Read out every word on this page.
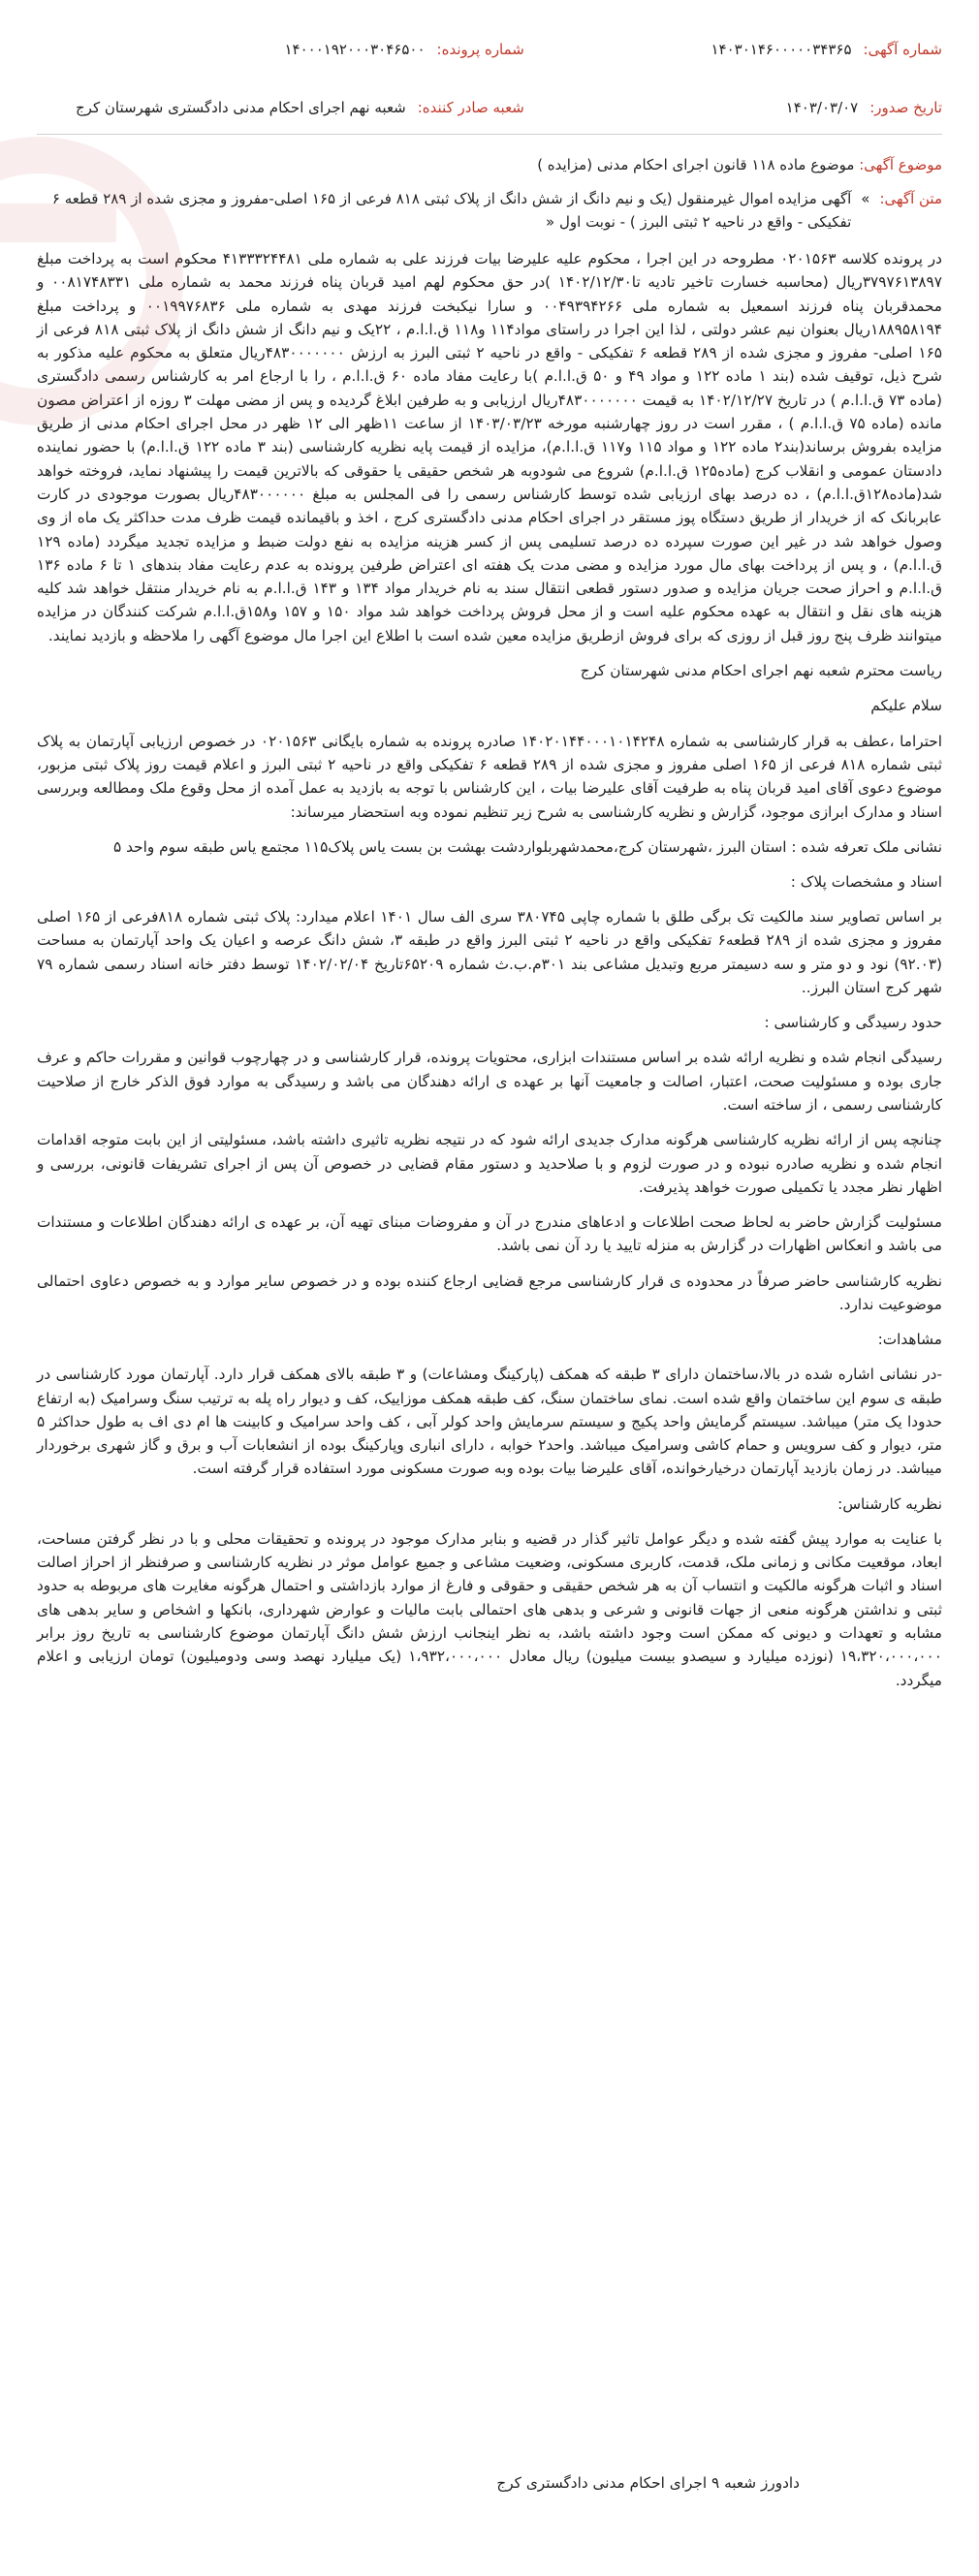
شماره آگهی:
۱۴۰۳۰۱۴۶۰۰۰۰۰۳۴۳۶۵
تاریخ صدور:
۱۴۰۳/۰۳/۰۷
شماره پرونده:
۱۴۰۰۰۱۹۲۰۰۰۳۰۴۶۵۰۰
شعبه صادر کننده:
شعبه نهم اجرای احکام مدنی دادگستری شهرستان کرج
موضوع آگهی: موضوع ماده ۱۱۸ قانون اجرای احکام مدنی (مزایده )
متن آگهی:
»
آگهی مزایده اموال غیرمنقول (یک و نیم دانگ از شش دانگ از پلاک ثبتی ۸۱۸ فرعی از ۱۶۵ اصلی-مفروز و مجزی شده از ۲۸۹ قطعه ۶ تفکیکی - واقع در ناحیه ۲ ثبتی البرز ) - نوبت اول «

در پرونده کلاسه ۰۲۰۱۵۶۳ مطروحه در این اجرا ، محکوم علیه علیرضا بیات فرزند علی به شماره ملی ۴۱۳۳۳۲۴۴۸۱ محکوم است به پرداخت مبلغ ۳۷۹۷۶۱۳۸۹۷ریال (محاسبه خسارت تاخیر تادیه تا۱۴۰۲/۱۲/۳۰ )در حق محکوم لهم امید قربان پناه فرزند محمد به شماره ملی ۰۰۸۱۷۴۸۳۳۱ و محمدقربان پناه فرزند اسمعیل به شماره ملی ۰۰۴۹۳۹۴۲۶۶ و سارا نیکبخت فرزند مهدی به شماره ملی ۰۰۱۹۹۷۶۸۳۶ و پرداخت مبلغ ۱۸۸۹۵۸۱۹۴ریال بعنوان نیم عشر دولتی ، لذا این اجرا در راستای مواد۱۱۴ و۱۱۸ ق.ا.ا.م ، ۲۲یک و نیم دانگ از شش دانگ از پلاک ثبتی ۸۱۸ فرعی از ۱۶۵ اصلی- مفروز و مجزی شده از ۲۸۹ قطعه ۶ تفکیکی - واقع در ناحیه ۲ ثبتی البرز به ارزش ۴۸۳۰۰۰۰۰۰۰ریال متعلق به محکوم علیه مذکور به شرح ذیل، توقیف شده (بند ۱ ماده ۱۲۲ و مواد ۴۹ و ۵۰ ق.ا.ا.م )با رعایت مفاد ماده ۶۰ ق.ا.ا.م ، را با ارجاع امر به کارشناس رسمی دادگستری (ماده ۷۳ ق.ا.ا.م ) در تاریخ ۱۴۰۲/۱۲/۲۷ به قیمت ۴۸۳۰۰۰۰۰۰۰ریال ارزیابی و به طرفین ابلاغ گردیده و پس از مضی مهلت ۳ روزه از اعتراض مصون مانده (ماده ۷۵ ق.ا.ا.م ) ، مقرر است در روز چهارشنبه مورخه ۱۴۰۳/۰۳/۲۳ از ساعت ۱۱ظهر الی ۱۲ ظهر در محل اجرای احکام مدنی از طریق مزایده بفروش برساند(بند۲ ماده ۱۲۲ و مواد ۱۱۵ و۱۱۷ ق.ا.ا.م)، مزایده از قیمت پایه نظریه کارشناسی (بند ۳ ماده ۱۲۲ ق.ا.ا.م) با حضور نماینده دادستان عمومی و انقلاب کرج (ماده۱۲۵ ق.ا.ا.م) شروع می شودوبه هر شخص حقیقی یا حقوقی که بالاترین قیمت را پیشنهاد نماید، فروخته خواهد شد(ماده۱۲۸ق.ا.ا.م) ، ده درصد بهای ارزیابی شده توسط کارشناس رسمی را فی المجلس به مبلغ ۴۸۳۰۰۰۰۰۰ریال بصورت موجودی در کارت عابربانک که از خریدار از طریق دستگاه پوز مستقر در اجرای احکام مدنی دادگستری کرج ، اخذ و باقیمانده قیمت ظرف مدت حداکثر یک ماه از وی وصول خواهد شد در غیر این صورت سپرده ده درصد تسلیمی پس از کسر هزینه مزایده به نفع دولت ضبط و مزایده تجدید میگردد (ماده ۱۲۹ ق.ا.ا.م) ، و پس از پرداخت بهای مال مورد مزایده و مضی مدت یک هفته ای اعتراض طرفین پرونده به عدم رعایت مفاد بندهای ۱ تا ۶ ماده ۱۳۶ ق.ا.ا.م و احراز صحت جریان مزایده و صدور دستور قطعی انتقال سند به نام خریدار مواد ۱۳۴ و ۱۴۳ ق.ا.ا.م به نام خریدار منتقل خواهد شد کلیه هزینه های نقل و انتقال به عهده محکوم علیه است و از محل فروش پرداخت خواهد شد مواد ۱۵۰ و ۱۵۷ و۱۵۸ق.ا.ا.م شرکت کنندگان در مزایده میتوانند ظرف پنج روز قبل از روزی که برای فروش ازطریق مزایده معین شده است با اطلاع این اجرا مال موضوع آگهی را ملاحظه و بازدید نمایند.

ریاست محترم شعبه نهم اجرای احکام مدنی شهرستان کرج

سلام علیکم

احتراما ،عطف به قرار کارشناسی به شماره ۱۴۰۲۰۱۴۴۰۰۰۱۰۱۴۲۴۸ صادره پرونده به شماره بایگانی ۰۲۰۱۵۶۳ در خصوص ارزیابی آپارتمان به پلاک ثبتی شماره ۸۱۸ فرعی از ۱۶۵ اصلی مفروز و مجزی شده از ۲۸۹ قطعه ۶ تفکیکی واقع در ناحیه ۲ ثبتی البرز و اعلام قیمت روز پلاک ثبتی مزبور، موضوع دعوی آقای امید قربان پناه به طرفیت آقای علیرضا بیات ، این کارشناس با توجه به بازدید به عمل آمده از محل وقوع ملک ومطالعه وبررسی اسناد و مدارک ابرازی موجود، گزارش و نظریه کارشناسی به شرح زیر تنظیم نموده وبه استحضار میرساند:

نشانی ملک تعرفه شده : استان البرز ،شهرستان کرج،محمدشهربلواردشت بهشت بن بست یاس پلاک۱۱۵ مجتمع یاس طبقه سوم واحد ۵

اسناد و مشخصات پلاک :

بر اساس تصاویر سند مالکیت تک برگی طلق با شماره چاپی ۳۸۰۷۴۵ سری الف سال ۱۴۰۱ اعلام میدارد: پلاک ثبتی شماره ۸۱۸فرعی از ۱۶۵ اصلی مفروز و مجزی شده از ۲۸۹ قطعه۶ تفکیکی واقع در ناحیه ۲ ثبتی البرز واقع در طبقه ۳، شش دانگ عرصه و اعیان یک واحد آپارتمان به مساحت (۹۲.۰۳) نود و دو متر و سه دسیمتر مربع وتبدیل مشاعی بند ۳۰۱م.ب.ث شماره ۶۵۲۰۹تاریخ ۱۴۰۲/۰۲/۰۴ توسط دفتر خانه اسناد رسمی شماره ۷۹ شهر کرج استان البرز..

حدود رسیدگی و کارشناسی :

رسیدگی انجام شده و نظریه ارائه شده بر اساس مستندات ابزاری، محتویات پرونده، قرار کارشناسی و در چهارچوب قوانین و مقررات حاکم و عرف جاری بوده و مسئولیت صحت، اعتبار، اصالت و جامعیت آنها بر عهده ی ارائه دهندگان می باشد و رسیدگی به موارد فوق الذکر خارج از صلاحیت کارشناسی رسمی ، از ساخته است.

چنانچه پس از ارائه نظریه کارشناسی هرگونه مدارک جدیدی ارائه شود که در نتیجه نظریه تاثیری داشته باشد، مسئولیتی از این بابت متوجه اقدامات انجام شده و نظریه صادره نبوده و در صورت لزوم و با صلاحدید و دستور مقام قضایی در خصوص آن پس از اجرای تشریفات قانونی، بررسی و اظهار نظر مجدد یا تکمیلی صورت خواهد پذیرفت.

مسئولیت گزارش حاضر به لحاظ صحت اطلاعات و ادعاهای مندرج در آن و مفروضات مبنای تهیه آن، بر عهده ی ارائه دهندگان اطلاعات و مستندات می باشد و انعکاس اظهارات در گزارش به منزله تایید یا رد آن نمی باشد.

نظریه کارشناسی حاضر صرفاً در محدوده ی قرار کارشناسی مرجع قضایی ارجاع کننده بوده و در خصوص سایر موارد و به خصوص دعاوی احتمالی موضوعیت ندارد.

مشاهدات:

-در نشانی اشاره شده در بالا،ساختمان دارای ۳ طبقه که همکف (پارکینگ ومشاعات) و ۳ طبقه بالای همکف قرار دارد. آپارتمان مورد کارشناسی در طبقه ی سوم این ساختمان واقع شده است. نمای ساختمان سنگ، کف طبقه همکف موزاییک، کف و دیوار راه پله به ترتیب سنگ وسرامیک (به ارتفاع حدودا یک متر) میباشد. سیستم گرمایش واحد پکیج و سیستم سرمایش واحد کولر آبی ، کف واحد سرامیک و کابینت ها ام دی اف به طول حداکثر ۵ متر، دیوار و کف سرویس و حمام کاشی وسرامیک میباشد. واحد۲ خوابه ، دارای انباری وپارکینگ بوده از انشعابات آب و برق و گاز شهری برخوردار میباشد. در زمان بازدید آپارتمان درخیارخوانده، آقای علیرضا بیات بوده وبه صورت مسکونی مورد استفاده قرار گرفته است.

نظریه کارشناس:

با عنایت به موارد پیش گفته شده و دیگر عوامل تاثیر گذار در قضیه و بنابر مدارک موجود در پرونده و تحقیقات محلی و با در نظر گرفتن مساحت، ابعاد، موقعیت مکانی و زمانی ملک، قدمت، کاربری مسکونی، وضعیت مشاعی و جمیع عوامل موثر در نظریه کارشناسی و صرفنظر از احراز اصالت اسناد و اثبات هرگونه مالکیت و انتساب آن به هر شخص حقیقی و حقوقی و فارغ از موارد بازداشتی و احتمال هرگونه مغایرت های مربوطه به حدود ثبتی و نداشتن هرگونه منعی از جهات قانونی و شرعی و بدهی های احتمالی بابت مالیات و عوارض شهرداری، بانکها و اشخاص و سایر بدهی های مشابه و تعهدات و دیونی که ممکن است وجود داشته باشد، به نظر اینجانب ارزش شش دانگ آپارتمان موضوع کارشناسی به تاریخ روز برابر ۱۹،۳۲۰،۰۰۰،۰۰۰ (نوزده میلیارد و سیصدو بیست میلیون) ریال معادل ۱،۹۳۲،۰۰۰،۰۰۰ (یک میلیارد نهصد وسی ودومیلیون) تومان ارزیابی و اعلام میگردد.

دادورز شعبه ۹ اجرای احکام مدنی دادگستری کرج
